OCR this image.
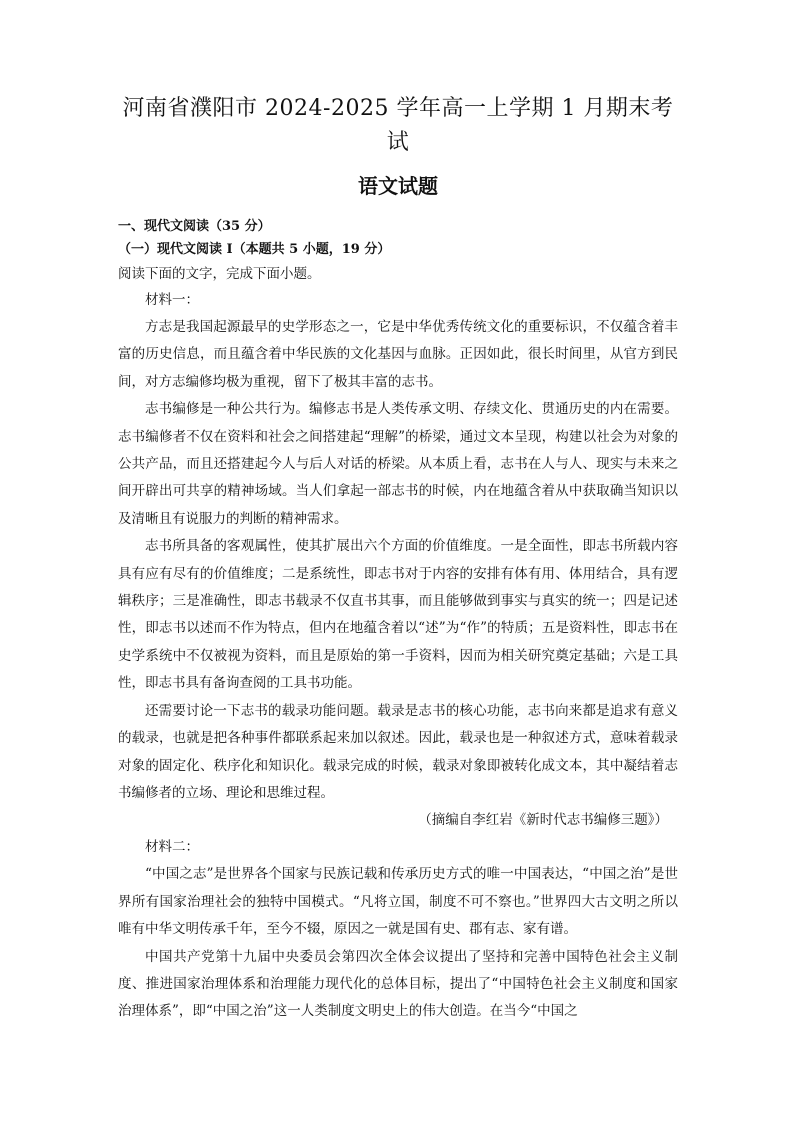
河南省濮阳市 2024-2025 学年高一上学期 1 月期末考试
语文试题

一、现代文阅读（35 分）

（一）现代文阅读 I（本题共 5 小题，19 分）

阅读下面的文字，完成下面小题。

材料一：

方志是我国起源最早的史学形态之一，它是中华优秀传统文化的重要标识，不仅蕴含着丰富的历史信息，而且蕴含着中华民族的文化基因与血脉。正因如此，很长时间里，从官方到民间，对方志编修均极为重视，留下了极其丰富的志书。

志书编修是一种公共行为。编修志书是人类传承文明、存续文化、贯通历史的内在需要。志书编修者不仅在资料和社会之间搭建起“理解”的桥梁，通过文本呈现，构建以社会为对象的公共产品，而且还搭建起今人与后人对话的桥梁。从本质上看，志书在人与人、现实与未来之间开辟出可共享的精神场域。当人们拿起一部志书的时候，内在地蕴含着从中获取确当知识以及清晰且有说服力的判断的精神需求。

志书所具备的客观属性，使其扩展出六个方面的价值维度。一是全面性，即志书所载内容具有应有尽有的价值维度；二是系统性，即志书对于内容的安排有体有用、体用结合，具有逻辑秩序；三是准确性，即志书载录不仅直书其事，而且能够做到事实与真实的统一；四是记述性，即志书以述而不作为特点，但内在地蕴含着以“述”为“作”的特质；五是资料性，即志书在史学系统中不仅被视为资料，而且是原始的第一手资料，因而为相关研究奠定基础；六是工具性，即志书具有备询查阅的工具书功能。

还需要讨论一下志书的载录功能问题。载录是志书的核心功能，志书向来都是追求有意义的载录，也就是把各种事件都联系起来加以叙述。因此，载录也是一种叙述方式，意味着载录对象的固定化、秩序化和知识化。载录完成的时候，载录对象即被转化成文本，其中凝结着志书编修者的立场、理论和思维过程。

（摘编自李红岩《新时代志书编修三题》）

材料二：

“中国之志”是世界各个国家与民族记载和传承历史方式的唯一中国表达，“中国之治”是世界所有国家治理社会的独特中国模式。“凡将立国，制度不可不察也。”世界四大古文明之所以唯有中华文明传承千年，至今不辍，原因之一就是国有史、郡有志、家有谱。

中国共产党第十九届中央委员会第四次全体会议提出了坚持和完善中国特色社会主义制度、推进国家治理体系和治理能力现代化的总体目标，提出了“中国特色社会主义制度和国家治理体系”，即“中国之治”这一人类制度文明史上的伟大创造。在当今“中国之
